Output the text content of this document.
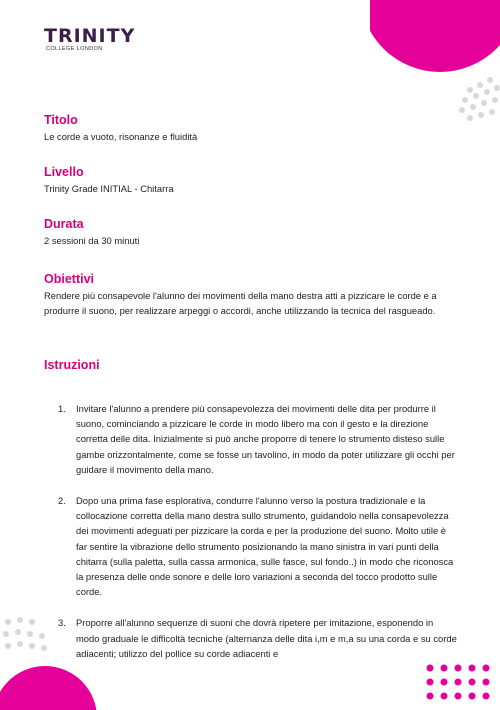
TRINITY
COLLEGE LONDON
Titolo
Le corde a vuoto, risonanze e fluidità
Livello
Trinity Grade INITIAL - Chitarra
Durata
2 sessioni da 30 minuti
Obiettivi
Rendere più consapevole l'alunno dei movimenti della mano destra atti a pizzicare le corde e a produrre il suono, per realizzare arpeggi o accordi, anche utilizzando la tecnica del rasgueado.
Istruzioni
1. Invitare l'alunno a prendere più consapevolezza dei movimenti delle dita per produrre il suono, cominciando a pizzicare le corde in modo libero ma con il gesto e la direzione corretta delle dita. Inizialmente si può anche proporre di tenere lo strumento disteso sulle gambe orizzontalmente, come se fosse un tavolino, in modo da poter utilizzare gli occhi per guidare il movimento della mano.
2. Dopo una prima fase esplorativa, condurre l'alunno verso la postura tradizionale e la collocazione corretta della mano destra sullo strumento, guidandolo nella consapevolezza dei movimenti adeguati per pizzicare la corda e per la produzione del suono. Molto utile è far sentire la vibrazione dello strumento posizionando la mano sinistra in vari punti della chitarra (sulla paletta, sulla cassa armonica, sulle fasce, sul fondo..) in modo che riconosca la presenza delle onde sonore e delle loro variazioni a seconda del tocco prodotto sulle corde.
3. Proporre all'alunno sequenze di suoni che dovrà ripetere per imitazione, esponendo in modo graduale le difficoltà tecniche (alternanza delle dita i,m e m,a su una corda e su corde adiacenti; utilizzo del pollice su corde adiacenti e
